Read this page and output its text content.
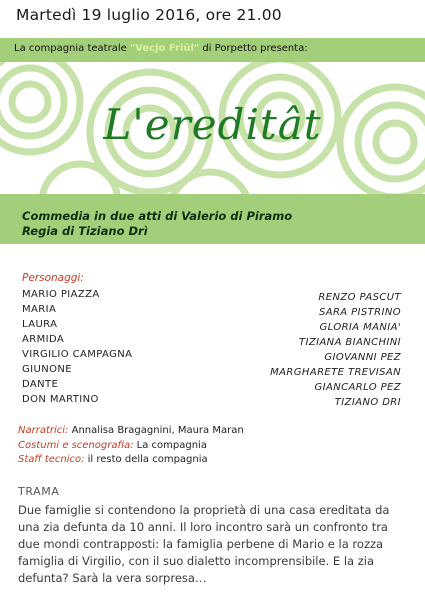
Martedì 19 luglio 2016, ore 21.00
La compagnia teatrale "Vecjo Friûl" di Porpetto presenta:
L'ereditât
Commedia in due atti di Valerio di Piramo
Regia di Tiziano Drì
Personaggi:
MARIO PIAZZA
MARIA
LAURA
ARMIDA
VIRGILIO CAMPAGNA
GIUNONE
DANTE
DON MARTINO
RENZO PASCUT
SARA PISTRINO
GLORIA MANIA'
TIZIANA BIANCHINI
GIOVANNI PEZ
MARGHARETE TREVISAN
GIANCARLO PEZ
TIZIANO DRI
Narratrici: Annalisa Bragagnini, Maura Maran
Costumi e scenografia: La compagnia
Staff tecnico: il resto della compagnia
TRAMA
Due famiglie si contendono la proprietà di una casa ereditata da una zia defunta da 10 anni. Il loro incontro sarà un confronto tra due mondi contrapposti: la famiglia perbene di Mario e la rozza famiglia di Virgilio, con il suo dialetto incomprensibile. E la zia defunta? Sarà la vera sorpresa…
